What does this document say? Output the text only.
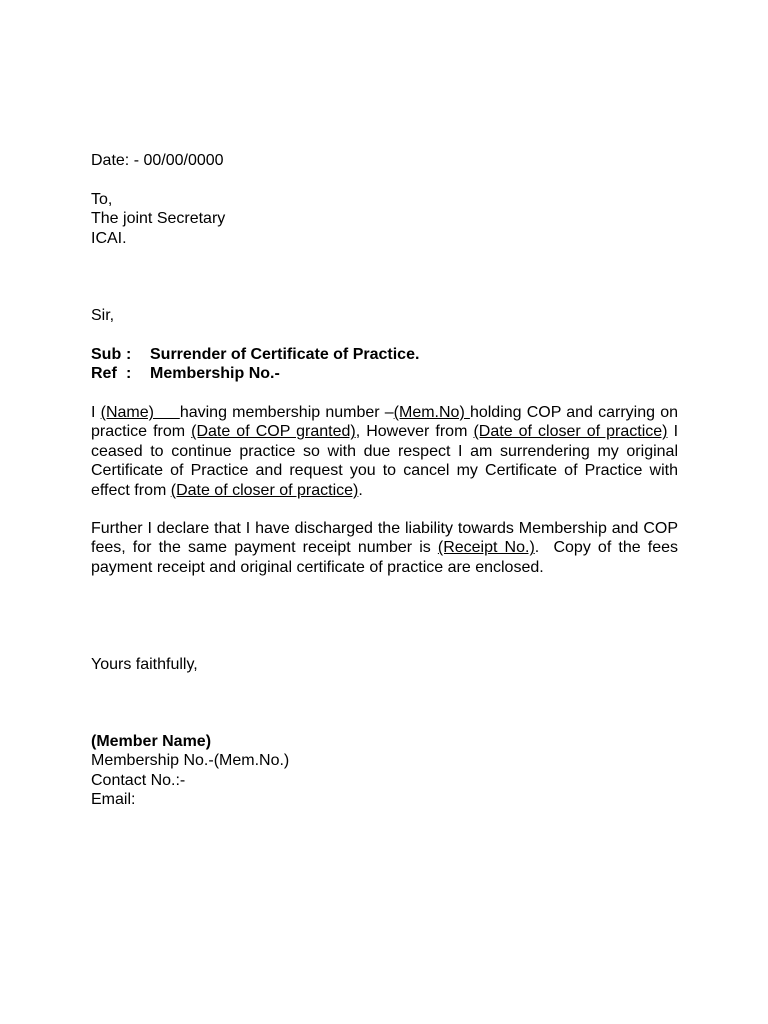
Date: - 00/00/0000
To,
The joint Secretary
ICAI.
Sir,
Sub :	Surrender of Certificate of Practice.
Ref :	Membership No.-
I (Name)     having membership number –(Mem.No) holding COP and carrying on practice from (Date of COP granted), However from (Date of closer of practice) I ceased to continue practice so with due respect I am surrendering my original Certificate of Practice and request you to cancel my Certificate of Practice with effect from (Date of closer of practice).
Further I declare that I have discharged the liability towards Membership and COP fees, for the same payment receipt number is (Receipt No.).  Copy of the fees payment receipt and original certificate of practice are enclosed.
Yours faithfully,
(Member Name)
Membership No.-(Mem.No.)
Contact No.:-
Email:
